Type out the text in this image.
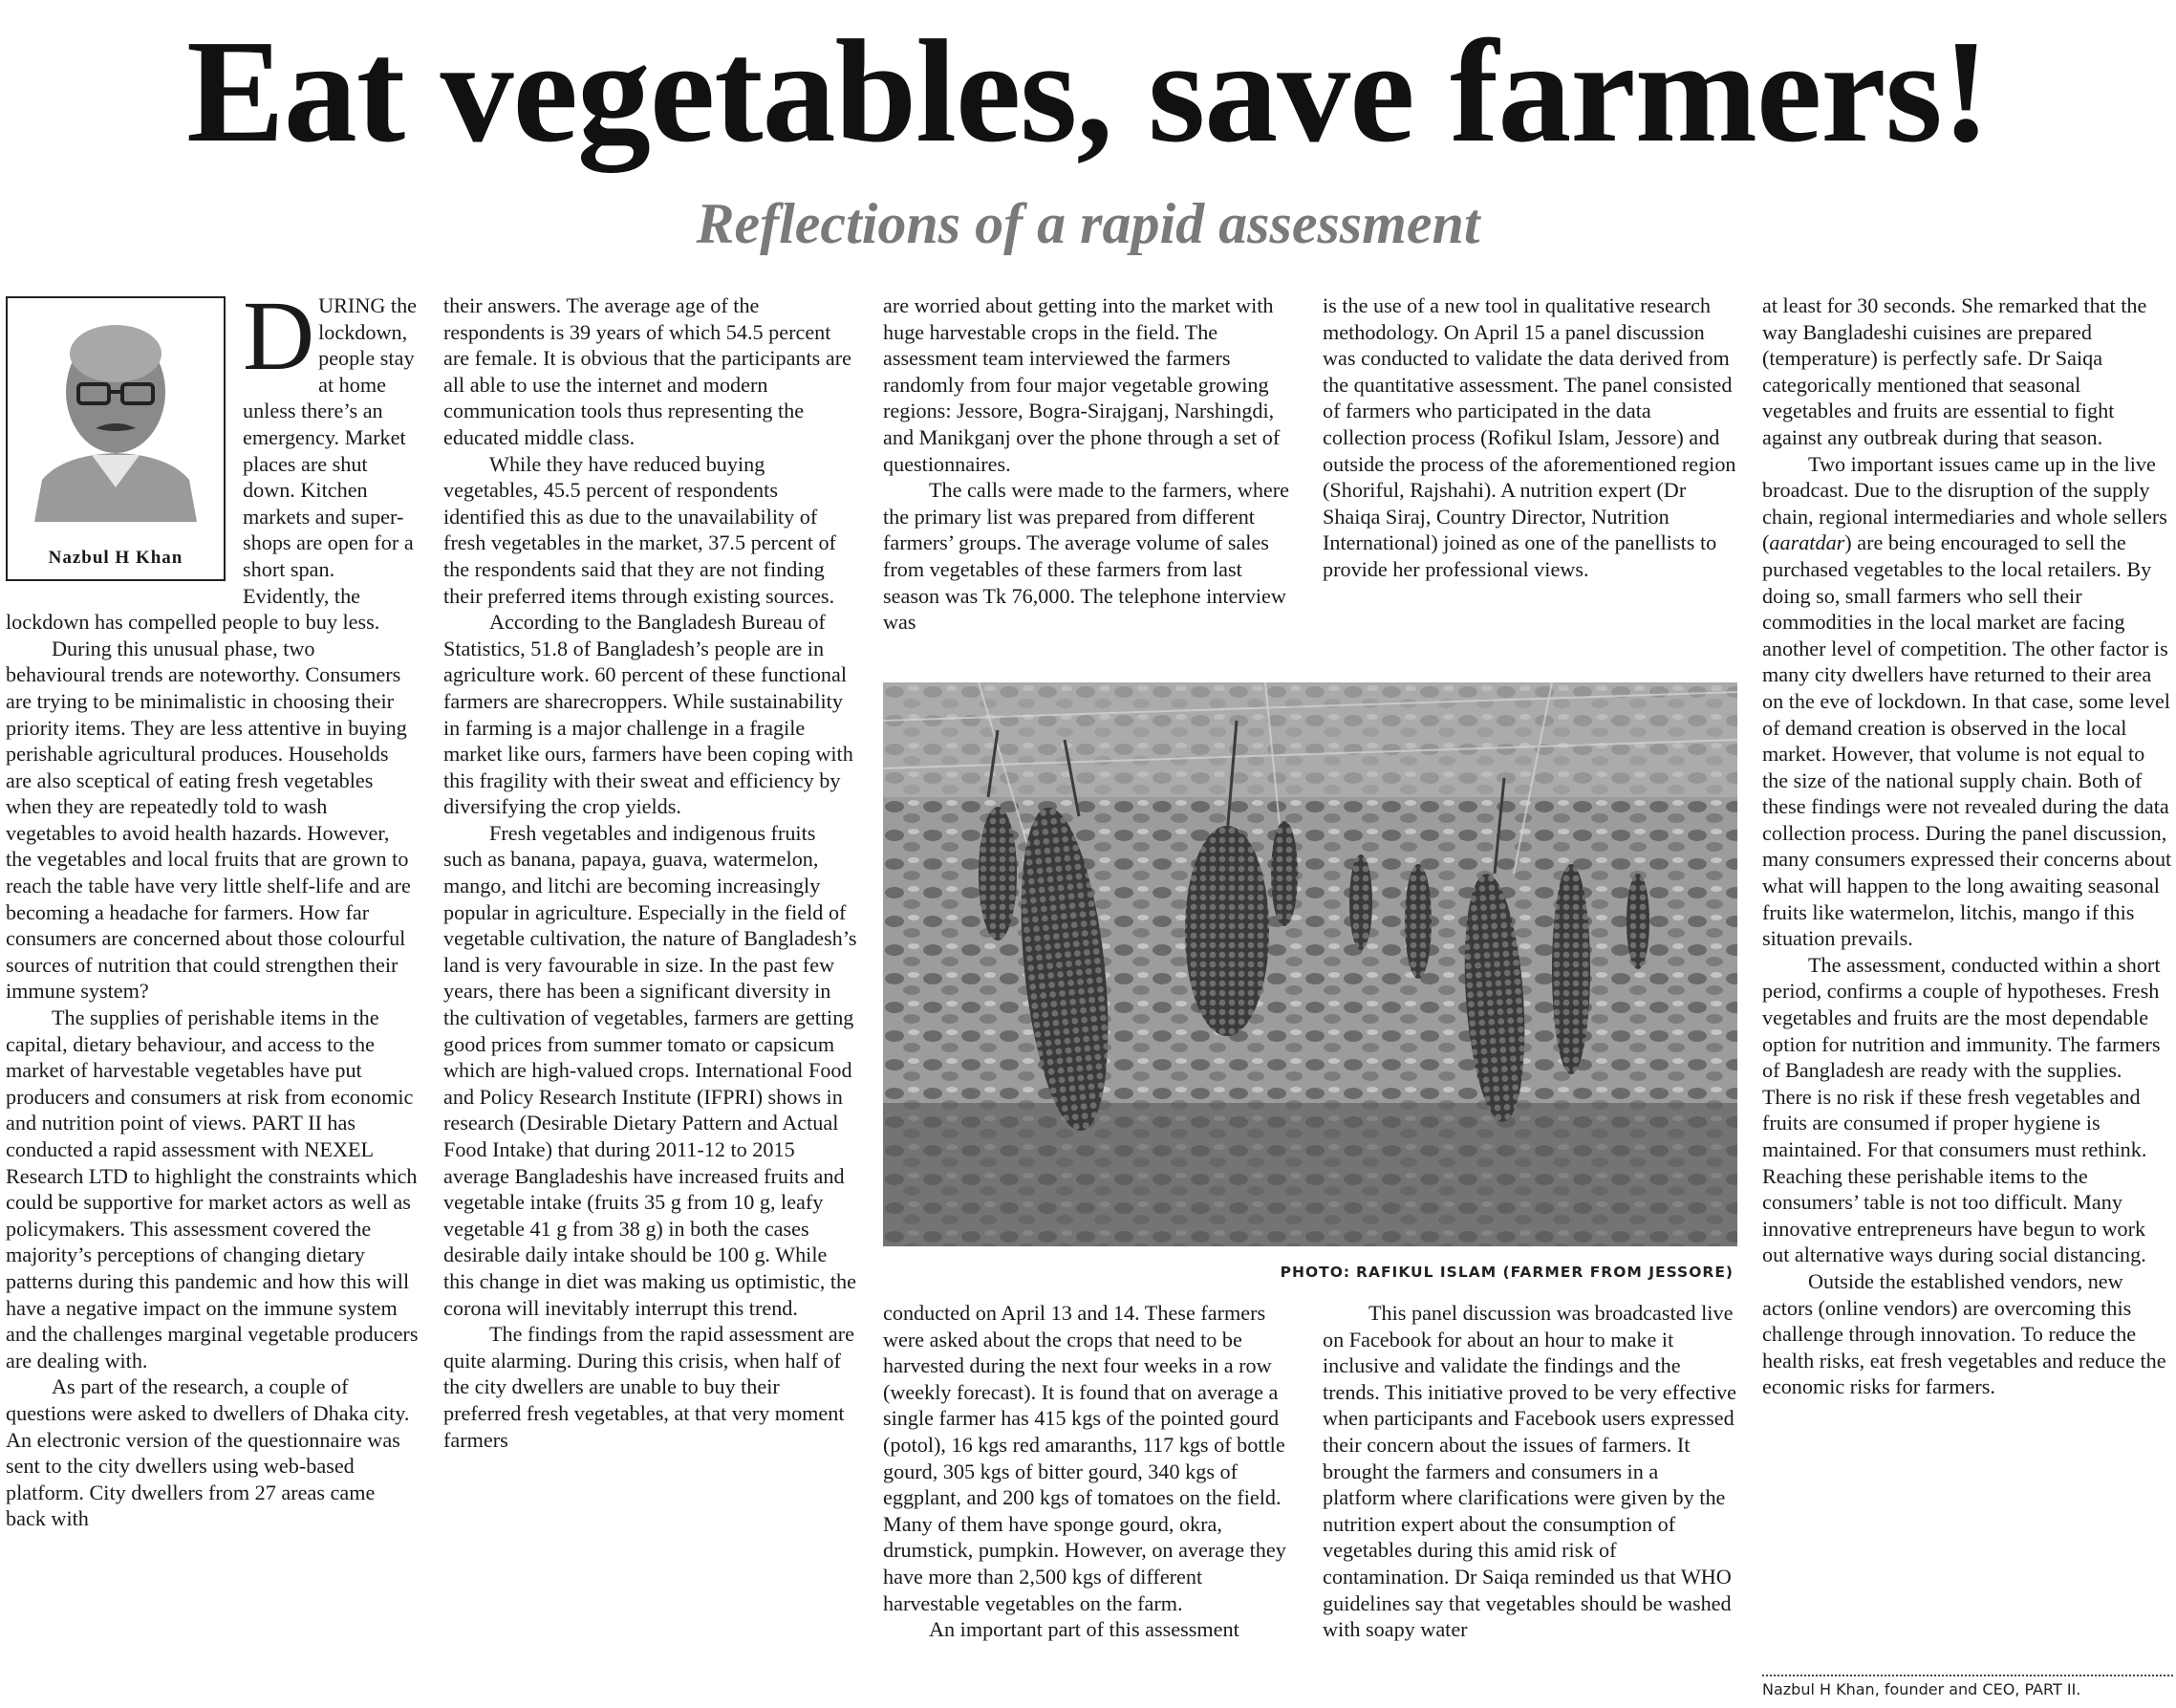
Eat vegetables, save farmers!
Reflections of a rapid assessment
Nazbul H Khan

DURING the lockdown, people stay at home unless there’s an emergency. Market places are shut down. Kitchen markets and super-shops are open for a short span. Evidently, the lockdown has compelled people to buy less.

During this unusual phase, two behavioural trends are noteworthy. Consumers are trying to be minimalistic in choosing their priority items. They are less attentive in buying perishable agricultural produces. Households are also sceptical of eating fresh vegetables when they are repeatedly told to wash vegetables to avoid health hazards. However, the vegetables and local fruits that are grown to reach the table have very little shelf-life and are becoming a headache for farmers. How far consumers are concerned about those colourful sources of nutrition that could strengthen their immune system?

The supplies of perishable items in the capital, dietary behaviour, and access to the market of harvestable vegetables have put producers and consumers at risk from economic and nutrition point of views. PART II has conducted a rapid assessment with NEXEL Research LTD to highlight the constraints which could be supportive for market actors as well as policymakers. This assessment covered the majority’s perceptions of changing dietary patterns during this pandemic and how this will have a negative impact on the immune system and the challenges marginal vegetable producers are dealing with.

As part of the research, a couple of questions were asked to dwellers of Dhaka city. An electronic version of the questionnaire was sent to the city dwellers using web-based platform. City dwellers from 27 areas came back with

their answers. The average age of the respondents is 39 years of which 54.5 percent are female. It is obvious that the participants are all able to use the internet and modern communication tools thus representing the educated middle class.

While they have reduced buying vegetables, 45.5 percent of respondents identified this as due to the unavailability of fresh vegetables in the market, 37.5 percent of the respondents said that they are not finding their preferred items through existing sources.

According to the Bangladesh Bureau of Statistics, 51.8 of Bangladesh’s people are in agriculture work. 60 percent of these functional farmers are sharecroppers. While sustainability in farming is a major challenge in a fragile market like ours, farmers have been coping with this fragility with their sweat and efficiency by diversifying the crop yields.

Fresh vegetables and indigenous fruits such as banana, papaya, guava, watermelon, mango, and litchi are becoming increasingly popular in agriculture. Especially in the field of vegetable cultivation, the nature of Bangladesh’s land is very favourable in size. In the past few years, there has been a significant diversity in the cultivation of vegetables, farmers are getting good prices from summer tomato or capsicum which are high-valued crops. International Food and Policy Research Institute (IFPRI) shows in research (Desirable Dietary Pattern and Actual Food Intake) that during 2011-12 to 2015 average Bangladeshis have increased fruits and vegetable intake (fruits 35 g from 10 g, leafy vegetable 41 g from 38 g) in both the cases desirable daily intake should be 100 g. While this change in diet was making us optimistic, the corona will inevitably interrupt this trend.

The findings from the rapid assessment are quite alarming. During this crisis, when half of the city dwellers are unable to buy their preferred fresh vegetables, at that very moment farmers

are worried about getting into the market with huge harvestable crops in the field. The assessment team interviewed the farmers randomly from four major vegetable growing regions: Jessore, Bogra-Sirajganj, Narshingdi, and Manikganj over the phone through a set of questionnaires.

The calls were made to the farmers, where the primary list was prepared from different farmers’ groups. The average volume of sales from vegetables of these farmers from last season was Tk 76,000. The telephone interview was

is the use of a new tool in qualitative research methodology. On April 15 a panel discussion was conducted to validate the data derived from the quantitative assessment. The panel consisted of farmers who participated in the data collection process (Rofikul Islam, Jessore) and outside the process of the aforementioned region (Shoriful, Rajshahi). A nutrition expert (Dr Shaiqa Siraj, Country Director, Nutrition International) joined as one of the panellists to provide her professional views.

PHOTO: RAFIKUL ISLAM (FARMER FROM JESSORE)

conducted on April 13 and 14. These farmers were asked about the crops that need to be harvested during the next four weeks in a row (weekly forecast). It is found that on average a single farmer has 415 kgs of the pointed gourd (potol), 16 kgs red amaranths, 117 kgs of bottle gourd, 305 kgs of bitter gourd, 340 kgs of eggplant, and 200 kgs of tomatoes on the field. Many of them have sponge gourd, okra, drumstick, pumpkin. However, on average they have more than 2,500 kgs of different harvestable vegetables on the farm.

An important part of this assessment

This panel discussion was broadcasted live on Facebook for about an hour to make it inclusive and validate the findings and the trends. This initiative proved to be very effective when participants and Facebook users expressed their concern about the issues of farmers. It brought the farmers and consumers in a platform where clarifications were given by the nutrition expert about the consumption of vegetables during this amid risk of contamination. Dr Saiqa reminded us that WHO guidelines say that vegetables should be washed with soapy water

at least for 30 seconds. She remarked that the way Bangladeshi cuisines are prepared (temperature) is perfectly safe. Dr Saiqa categorically mentioned that seasonal vegetables and fruits are essential to fight against any outbreak during that season.

Two important issues came up in the live broadcast. Due to the disruption of the supply chain, regional intermediaries and whole sellers (aaratdar) are being encouraged to sell the purchased vegetables to the local retailers. By doing so, small farmers who sell their commodities in the local market are facing another level of competition. The other factor is many city dwellers have returned to their area on the eve of lockdown. In that case, some level of demand creation is observed in the local market. However, that volume is not equal to the size of the national supply chain. Both of these findings were not revealed during the data collection process. During the panel discussion, many consumers expressed their concerns about what will happen to the long awaiting seasonal fruits like watermelon, litchis, mango if this situation prevails.

The assessment, conducted within a short period, confirms a couple of hypotheses. Fresh vegetables and fruits are the most dependable option for nutrition and immunity. The farmers of Bangladesh are ready with the supplies. There is no risk if these fresh vegetables and fruits are consumed if proper hygiene is maintained. For that consumers must rethink. Reaching these perishable items to the consumers’ table is not too difficult. Many innovative entrepreneurs have begun to work out alternative ways during social distancing.

Outside the established vendors, new actors (online vendors) are overcoming this challenge through innovation. To reduce the health risks, eat fresh vegetables and reduce the economic risks for farmers.

Nazbul H Khan, founder and CEO, PART II.
